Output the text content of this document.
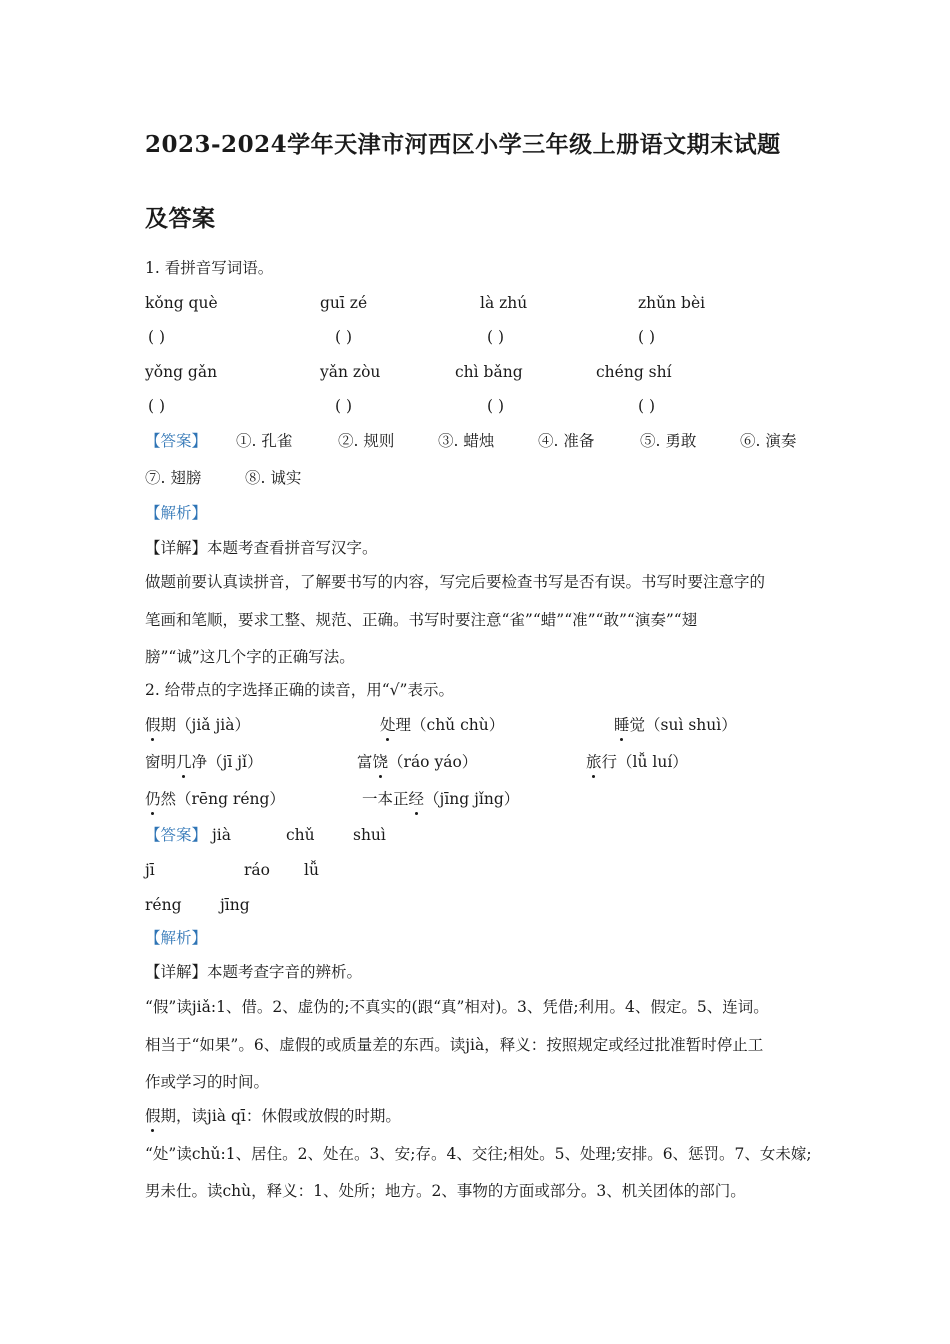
2023-2024学年天津市河西区小学三年级上册语文期末试题
及答案
1. 看拼音写词语。
kǒng què	guī zé	là zhú	zhǔn bèi
( )	( )	( )	( )
yǒng gǎn	yǎn zòu	chì bǎng	chéng shí
( )	( )	( )	( )
【答案】 ①. 孔雀	②. 规则	③. 蜡烛	④. 准备	⑤. 勇敢	⑥. 演奏
⑦. 翅膀	⑧. 诚实
【解析】
【详解】本题考查看拼音写汉字。
做题前要认真读拼音，了解要书写的内容，写完后要检查书写是否有误。书写时要注意字的
笔画和笔顺，要求工整、规范、正确。书写时要注意“雀”“蜡”“准”“敢”“演奏”“翅
膀”“诚”这几个字的正确写法。
2. 给带点的字选择正确的读音，用“√”表示。
假期（jiǎ jià）	处理（chǔ chù）	睡觉（suì shuì）
窗明几净（jī jǐ）	富饶（ráo yáo）	旅行（lǚ luí）
仍然（rēng réng）	一本正经（jīng jǐng）
【答案】 jià	chǔ shuì
jī	ráo lǚ
réng jīng
【解析】
【详解】本题考查字音的辨析。
“假”读jiǎ:1、借。2、虚伪的;不真实的(跟“真”相对)。3、凭借;利用。4、假定。5、连词。
相当于“如果”。6、虚假的或质量差的东西。读jià，释义：按照规定或经过批准暂时停止工
作或学习的时间。
假期，读jià qī：休假或放假的时期。
“处”读chǔ:1、居住。2、处在。3、安;存。4、交往;相处。5、处理;安排。6、惩罚。7、女未嫁;
男未仕。读chù，释义：1、处所；地方。2、事物的方面或部分。3、机关团体的部门。
